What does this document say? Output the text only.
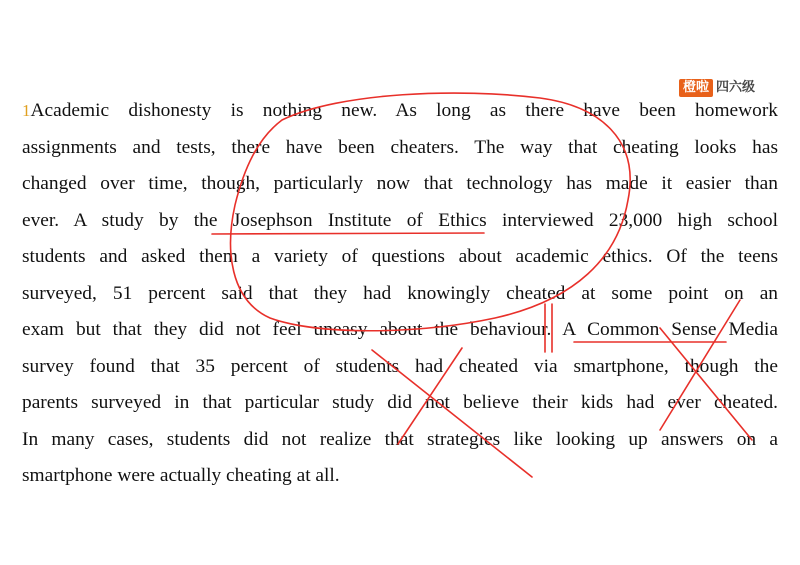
橙啦 四六级
1Academic dishonesty is nothing new. As long as there have been homework
assignments and tests, there have been cheaters. The way that cheating looks has
changed over time, though, particularly now that technology has made it easier than
ever. A study by the Josephson Institute of Ethics interviewed 23,000 high school
students and asked them a variety of questions about academic ethics. Of the teens
surveyed, 51 percent said that they had knowingly cheated at some point on an
exam but that they did not feel uneasy about the behaviour. A Common Sense Media
survey found that 35 percent of students had cheated via smartphone, though the
parents surveyed in that particular study did not believe their kids had ever cheated.
In many cases, students did not realize that strategies like looking up answers on a
smartphone were actually cheating at all.
